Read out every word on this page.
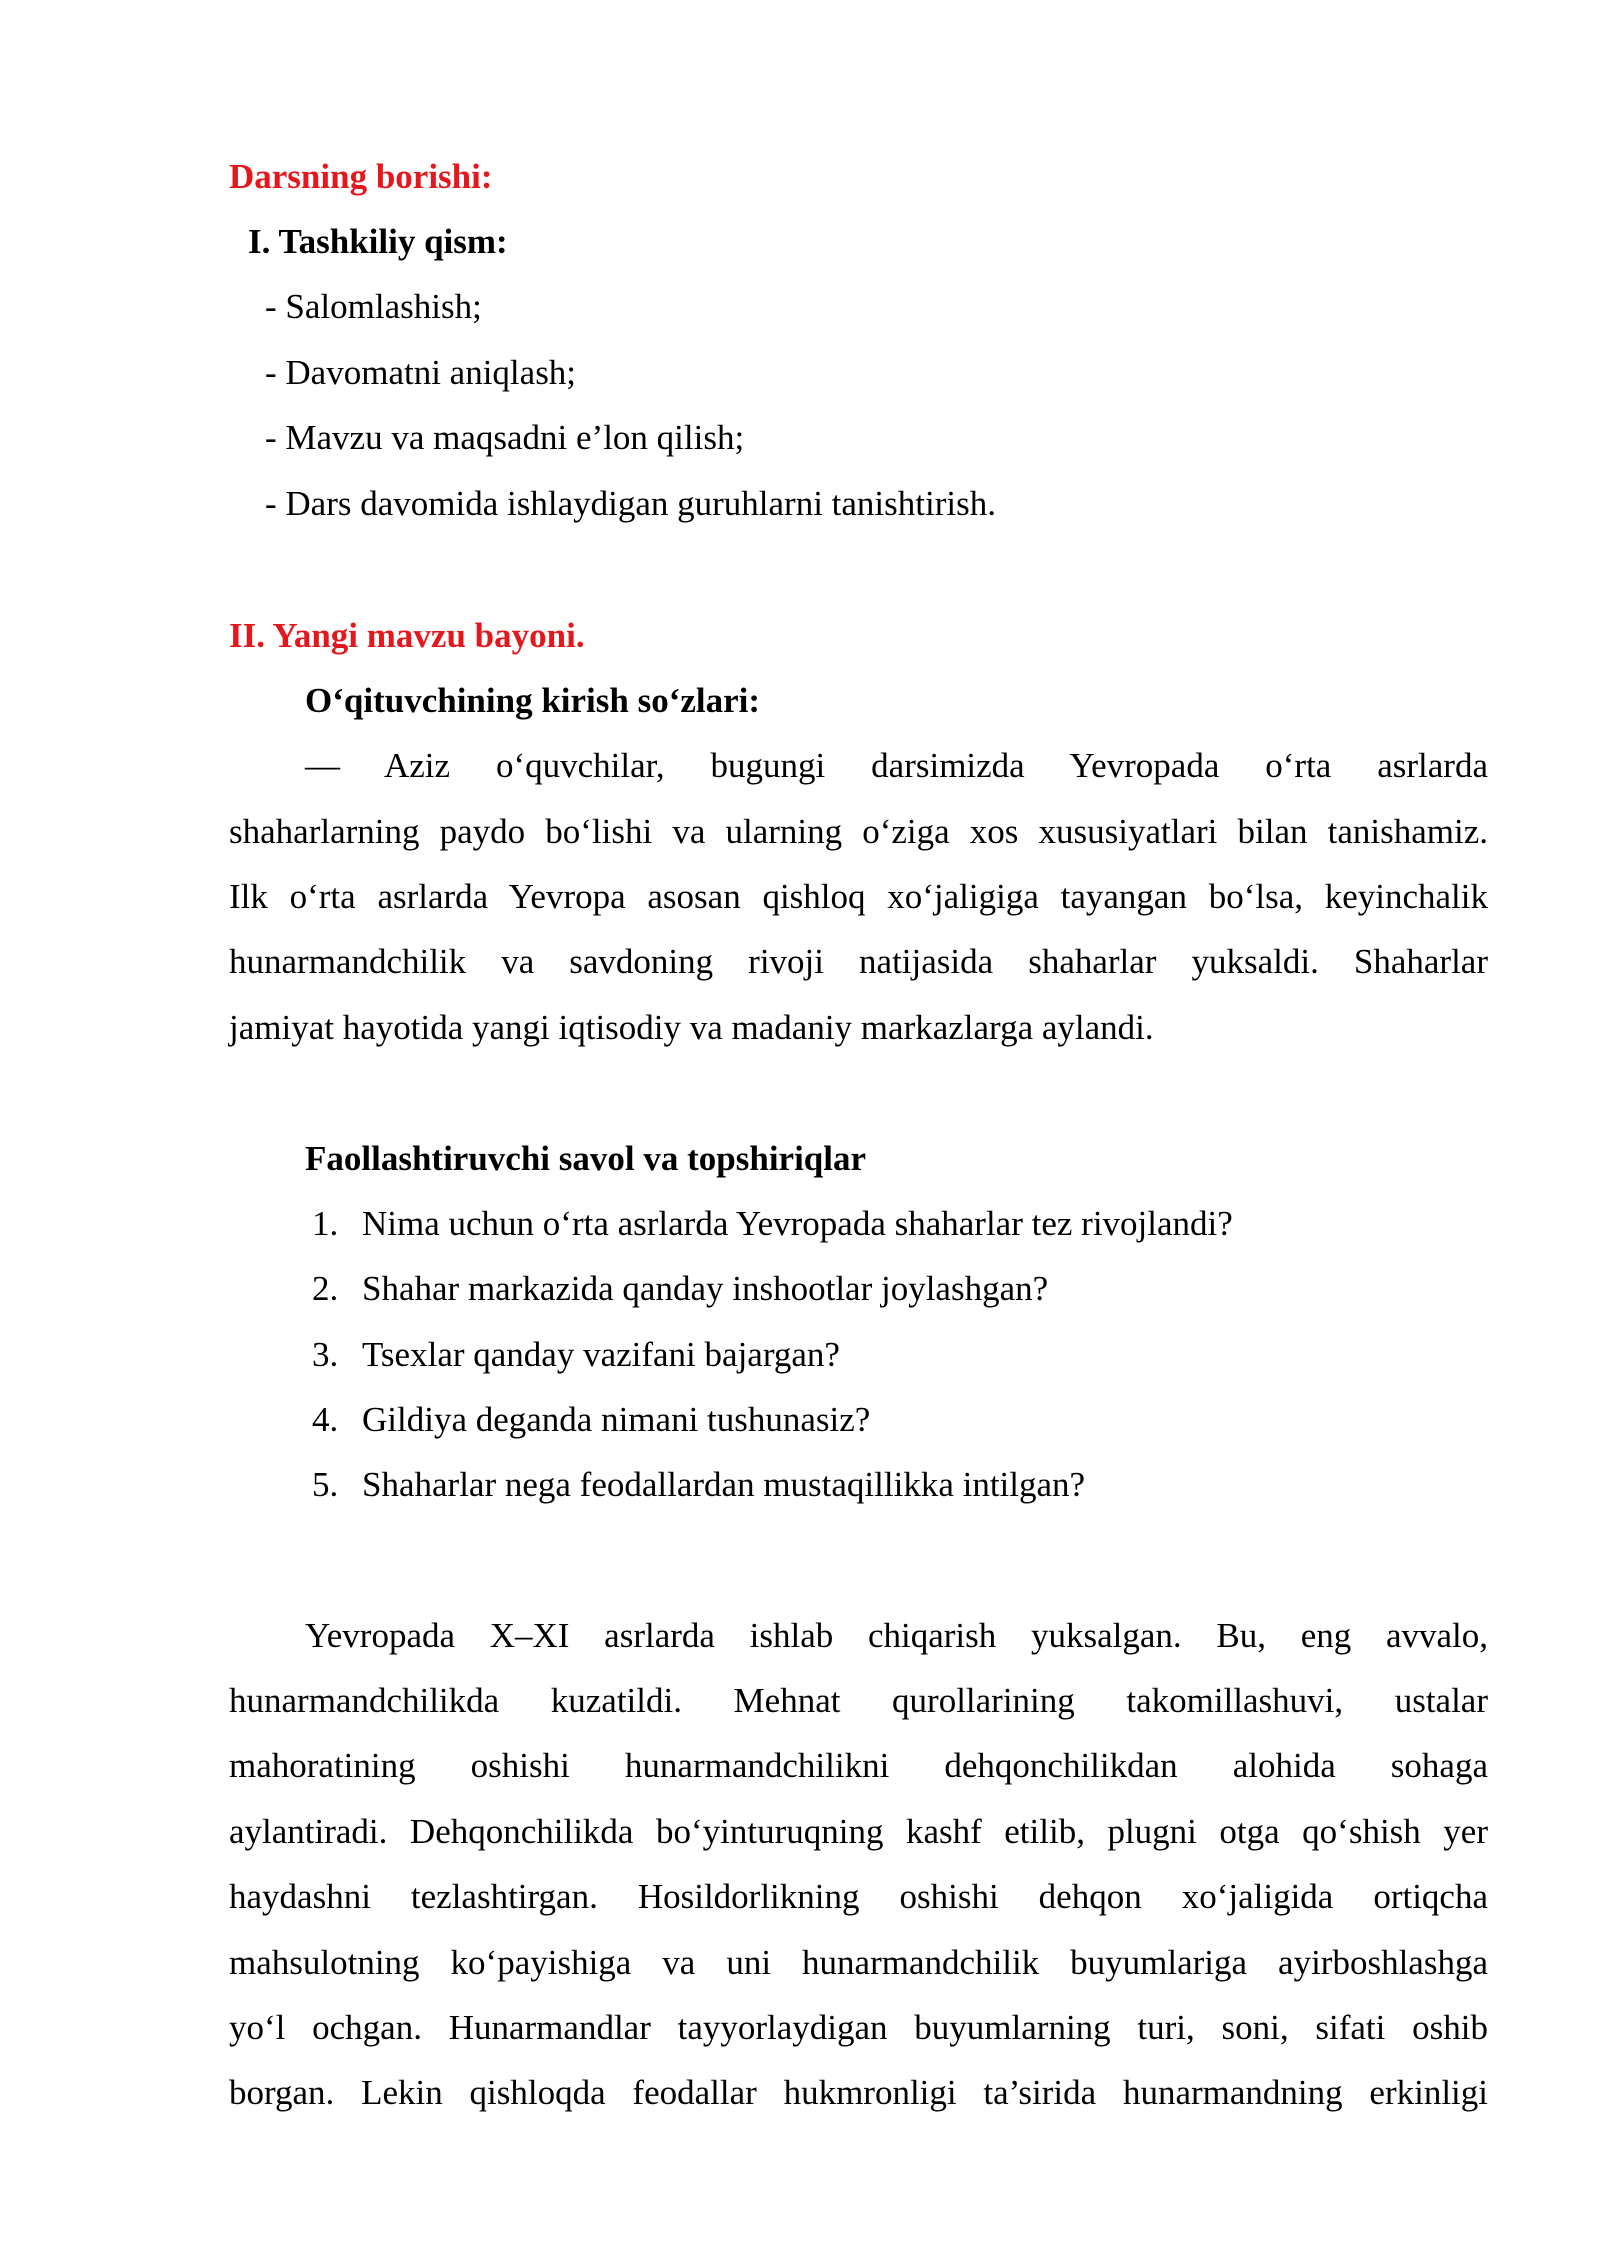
Darsning borishi:
I. Tashkiliy qism:
- Salomlashish;
- Davomatni aniqlash;
- Mavzu va maqsadni e’lon qilish;
- Dars davomida ishlaydigan guruhlarni tanishtirish.
II. Yangi mavzu bayoni.
O‘qituvchining kirish so‘zlari:
— Aziz o‘quvchilar, bugungi darsimizda Yevropada o‘rta asrlarda
shaharlarning paydo bo‘lishi va ularning o‘ziga xos xususiyatlari bilan tanishamiz.
Ilk o‘rta asrlarda Yevropa asosan qishloq xo‘jaligiga tayangan bo‘lsa, keyinchalik
hunarmandchilik va savdoning rivoji natijasida shaharlar yuksaldi. Shaharlar
jamiyat hayotida yangi iqtisodiy va madaniy markazlarga aylandi.
Faollashtiruvchi savol va topshiriqlar
1. Nima uchun o‘rta asrlarda Yevropada shaharlar tez rivojlandi?
2. Shahar markazida qanday inshootlar joylashgan?
3. Tsexlar qanday vazifani bajargan?
4. Gildiya deganda nimani tushunasiz?
5. Shaharlar nega feodallardan mustaqillikka intilgan?
Yevropada X–XI asrlarda ishlab chiqarish yuksalgan. Bu, eng avvalo,
hunarmandchilikda kuzatildi. Mehnat qurollarining takomillashuvi, ustalar
mahoratining oshishi hunarmandchilikni dehqonchilikdan alohida sohaga
aylantiradi. Dehqonchilikda bo‘yinturuqning kashf etilib, plugni otga qo‘shish yer
haydashni tezlashtirgan. Hosildorlikning oshishi dehqon xo‘jaligida ortiqcha
mahsulotning ko‘payishiga va uni hunarmandchilik buyumlariga ayirboshlashga
yo‘l ochgan. Hunarmandlar tayyorlaydigan buyumlarning turi, soni, sifati oshib
borgan. Lekin qishloqda feodallar hukmronligi ta’sirida hunarmandning erkinligi
